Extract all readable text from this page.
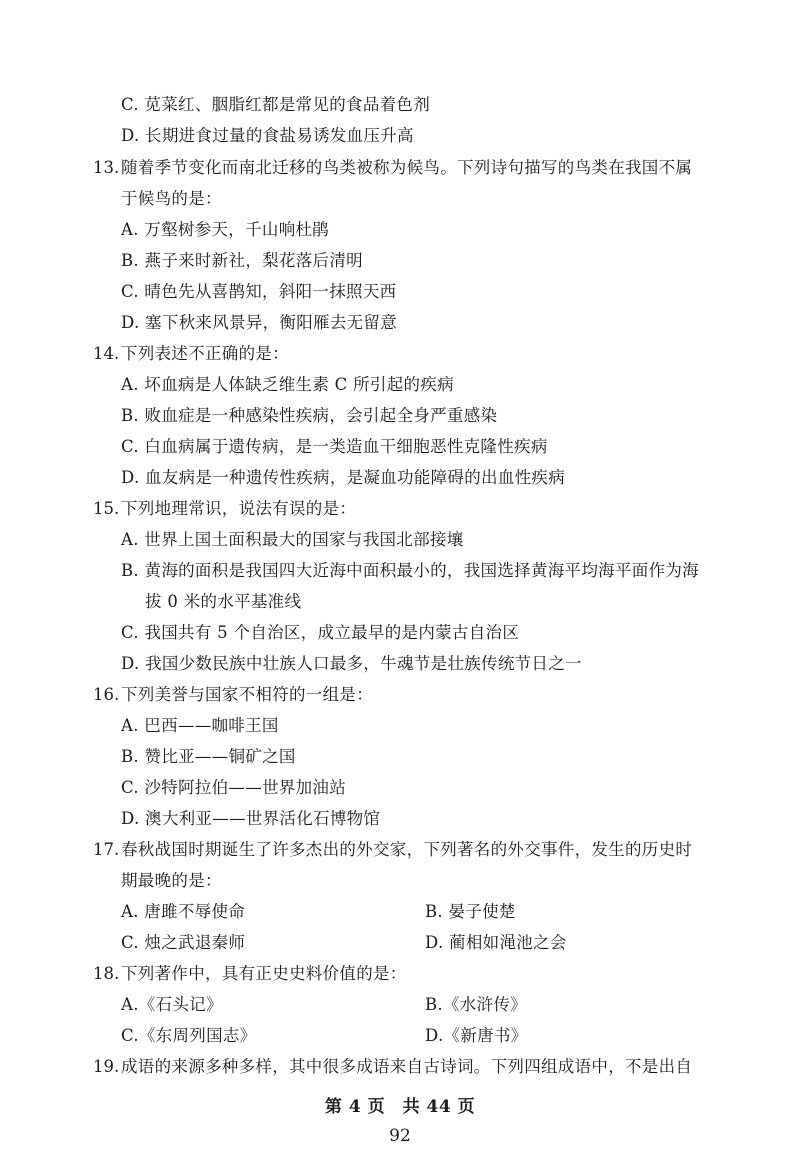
C. 苋菜红、胭脂红都是常见的食品着色剂
D. 长期进食过量的食盐易诱发血压升高
13. 随着季节变化而南北迁移的鸟类被称为候鸟。下列诗句描写的鸟类在我国不属
于候鸟的是：
A. 万壑树参天，千山响杜鹃
B. 燕子来时新社，梨花落后清明
C. 晴色先从喜鹊知，斜阳一抹照天西
D. 塞下秋来风景异，衡阳雁去无留意
14. 下列表述不正确的是：
A. 坏血病是人体缺乏维生素 C 所引起的疾病
B. 败血症是一种感染性疾病，会引起全身严重感染
C. 白血病属于遗传病，是一类造血干细胞恶性克隆性疾病
D. 血友病是一种遗传性疾病，是凝血功能障碍的出血性疾病
15. 下列地理常识，说法有误的是：
A. 世界上国土面积最大的国家与我国北部接壤
B. 黄海的面积是我国四大近海中面积最小的，我国选择黄海平均海平面作为海
拔 0 米的水平基准线
C. 我国共有 5 个自治区，成立最早的是内蒙古自治区
D. 我国少数民族中壮族人口最多，牛魂节是壮族传统节日之一
16. 下列美誉与国家不相符的一组是：
A. 巴西——咖啡王国
B. 赞比亚——铜矿之国
C. 沙特阿拉伯——世界加油站
D. 澳大利亚——世界活化石博物馆
17. 春秋战国时期诞生了许多杰出的外交家，下列著名的外交事件，发生的历史时
期最晚的是：
A. 唐雎不辱使命	B. 晏子使楚
C. 烛之武退秦师	D. 蔺相如渑池之会
18. 下列著作中，具有正史史料价值的是：
A.《石头记》	B.《水浒传》
C.《东周列国志》	D.《新唐书》
19. 成语的来源多种多样，其中很多成语来自古诗词。下列四组成语中，不是出自
第 4 页　共 44 页
92
